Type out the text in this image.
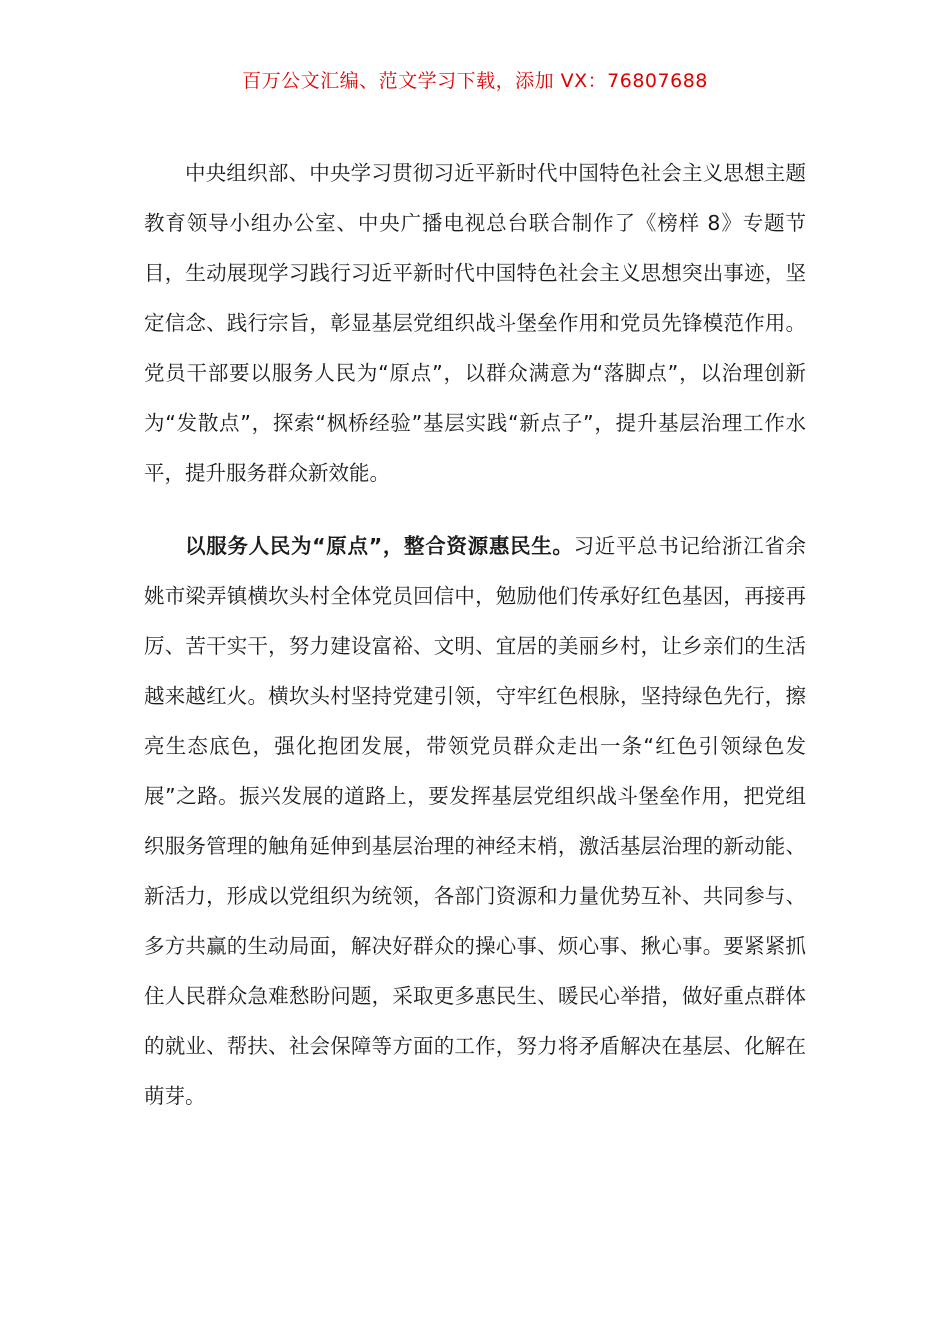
百万公文汇编、范文学习下载，添加 VX：76807688

中央组织部、中央学习贯彻习近平新时代中国特色社会主义思想主题教育领导小组办公室、中央广播电视总台联合制作了《榜样 8》专题节目，生动展现学习践行习近平新时代中国特色社会主义思想突出事迹，坚定信念、践行宗旨，彰显基层党组织战斗堡垒作用和党员先锋模范作用。党员干部要以服务人民为“原点”，以群众满意为“落脚点”，以治理创新为“发散点”，探索“枫桥经验”基层实践“新点子”，提升基层治理工作水平，提升服务群众新效能。

以服务人民为“原点”，整合资源惠民生。习近平总书记给浙江省余姚市梁弄镇横坎头村全体党员回信中，勉励他们传承好红色基因，再接再厉、苦干实干，努力建设富裕、文明、宜居的美丽乡村，让乡亲们的生活越来越红火。横坎头村坚持党建引领，守牢红色根脉，坚持绿色先行，擦亮生态底色，强化抱团发展，带领党员群众走出一条“红色引领绿色发展”之路。振兴发展的道路上，要发挥基层党组织战斗堡垒作用，把党组织服务管理的触角延伸到基层治理的神经末梢，激活基层治理的新动能、新活力，形成以党组织为统领，各部门资源和力量优势互补、共同参与、多方共赢的生动局面，解决好群众的操心事、烦心事、揪心事。要紧紧抓住人民群众急难愁盼问题，采取更多惠民生、暖民心举措，做好重点群体的就业、帮扶、社会保障等方面的工作，努力将矛盾解决在基层、化解在萌芽。
